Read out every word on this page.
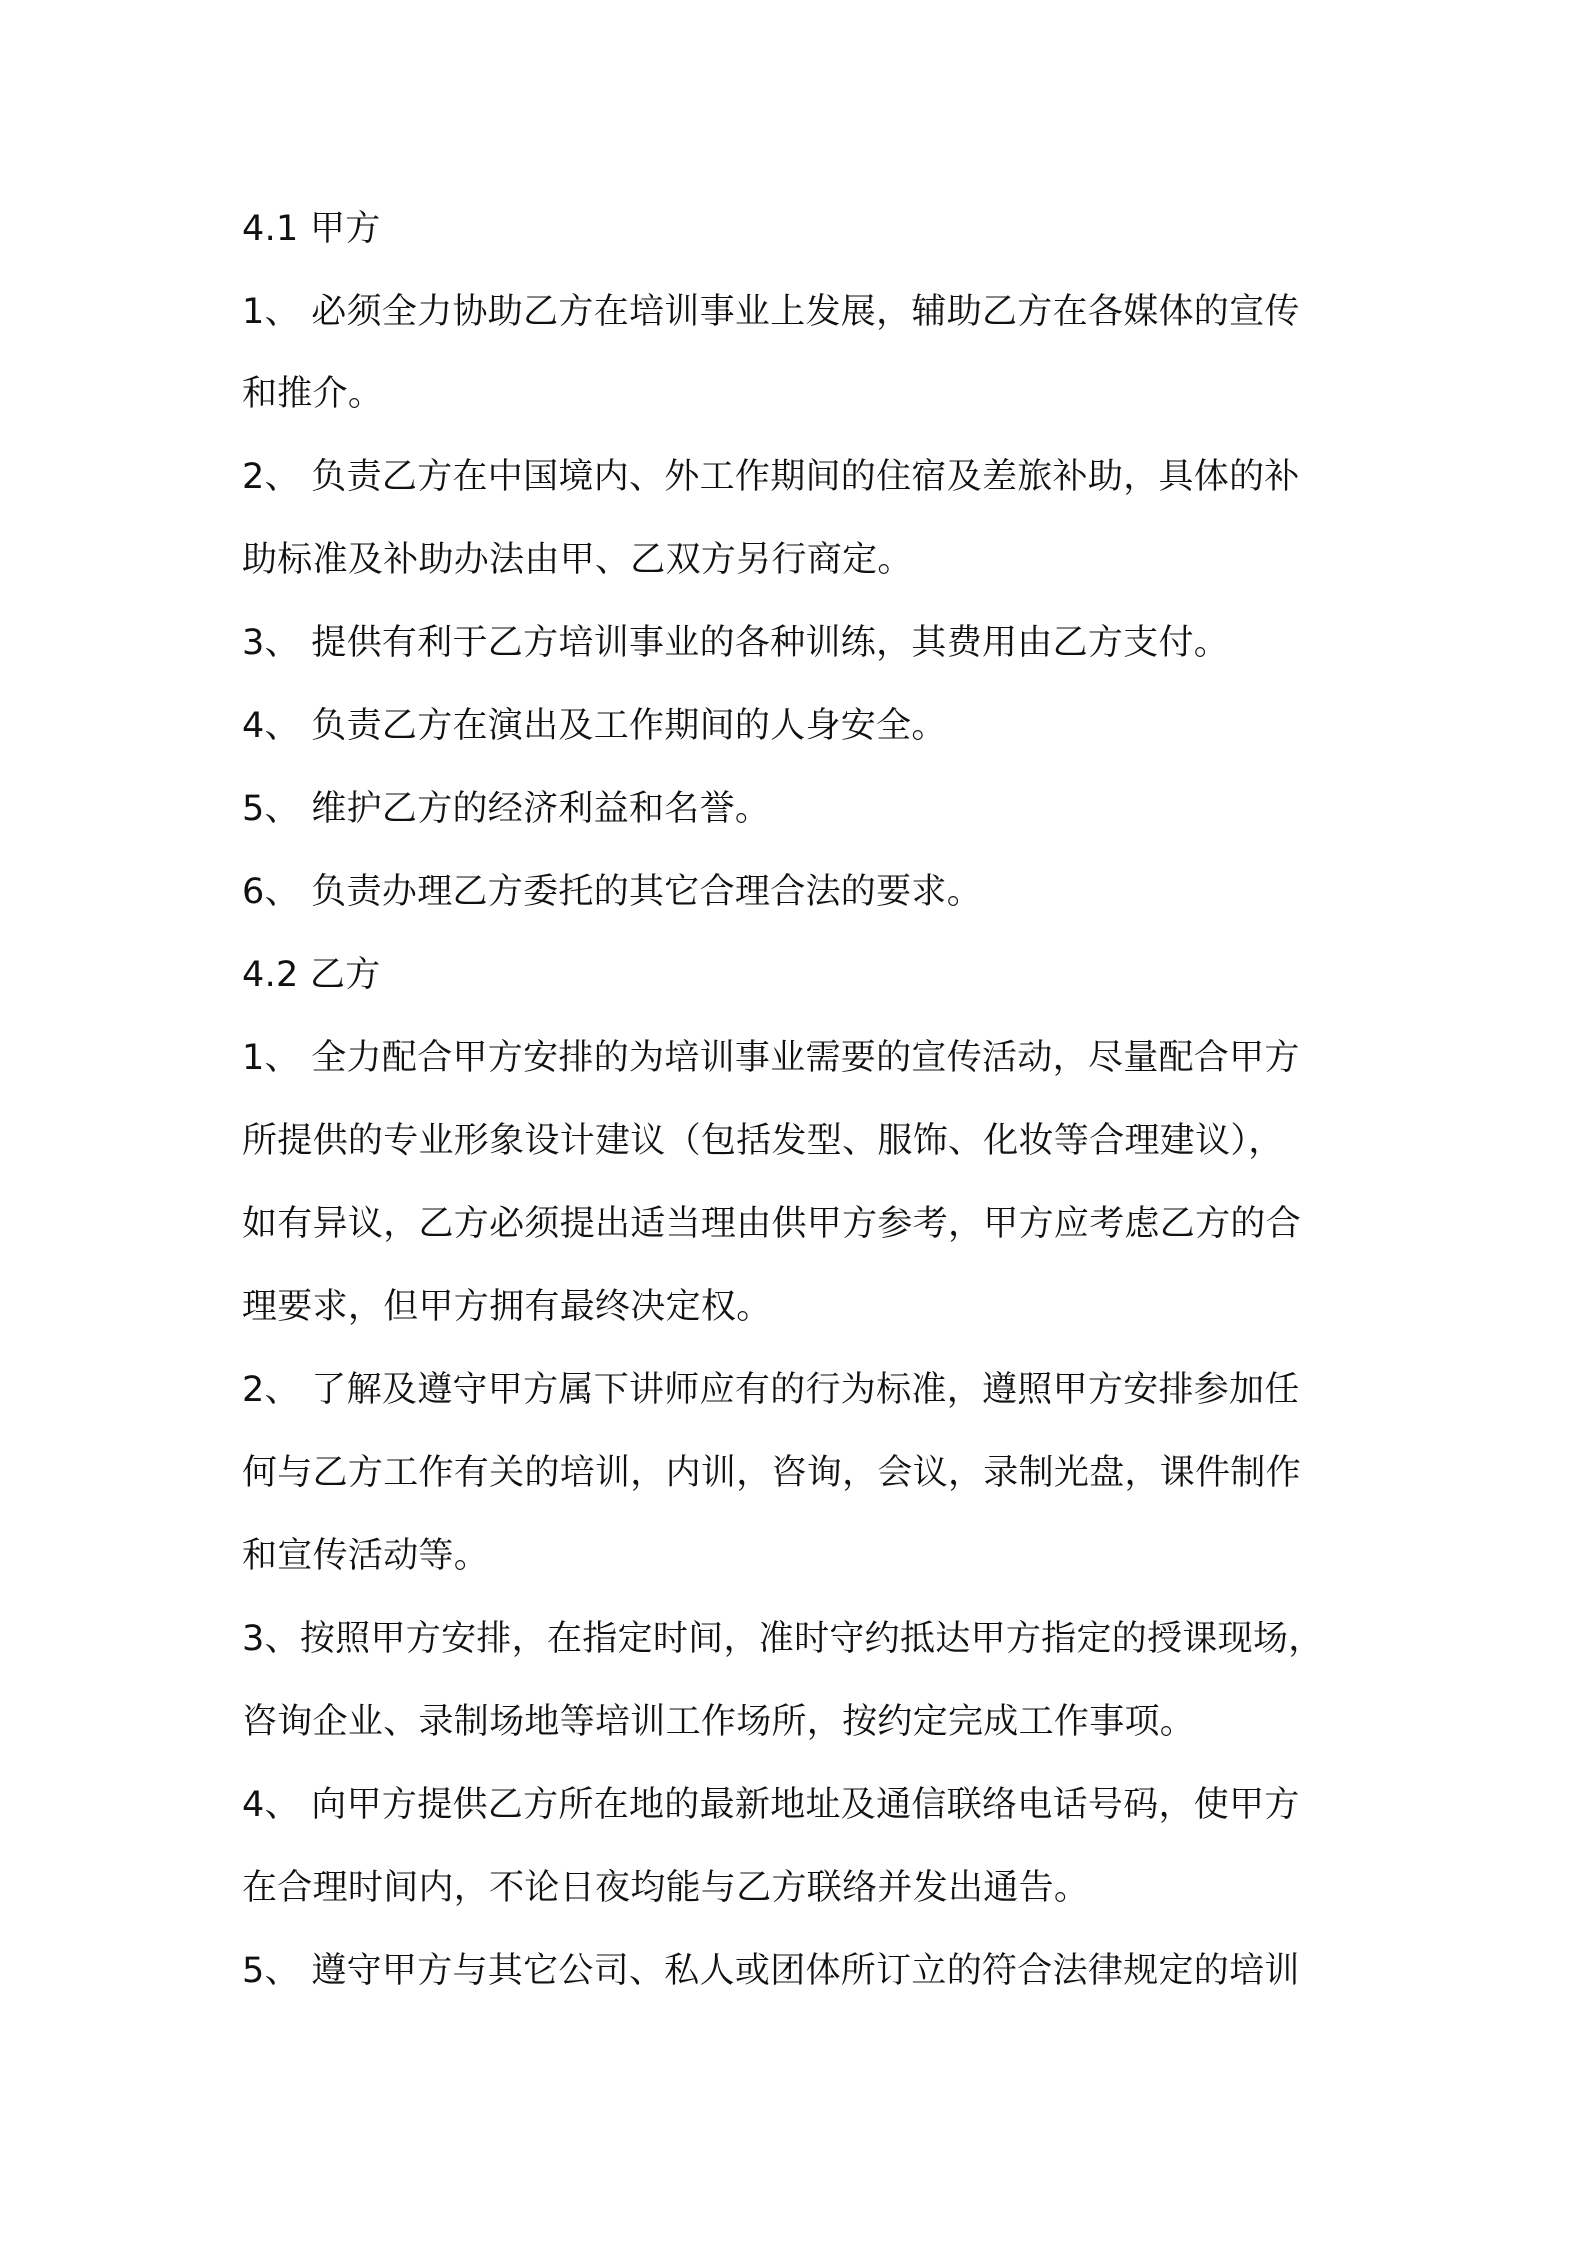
4.1 甲方

1、 必须全力协助乙方在培训事业上发展，辅助乙方在各媒体的宣传

和推介。

2、 负责乙方在中国境内、外工作期间的住宿及差旅补助，具体的补

助标准及补助办法由甲、乙双方另行商定。

3、 提供有利于乙方培训事业的各种训练，其费用由乙方支付。

4、 负责乙方在演出及工作期间的人身安全。

5、 维护乙方的经济利益和名誉。

6、 负责办理乙方委托的其它合理合法的要求。

4.2 乙方

1、 全力配合甲方安排的为培训事业需要的宣传活动，尽量配合甲方

所提供的专业形象设计建议（包括发型、服饰、化妆等合理建议），

如有异议，乙方必须提出适当理由供甲方参考，甲方应考虑乙方的合

理要求，但甲方拥有最终决定权。

2、 了解及遵守甲方属下讲师应有的行为标准，遵照甲方安排参加任

何与乙方工作有关的培训，内训，咨询，会议，录制光盘，课件制作

和宣传活动等。

3、按照甲方安排，在指定时间，准时守约抵达甲方指定的授课现场，

咨询企业、录制场地等培训工作场所，按约定完成工作事项。

4、 向甲方提供乙方所在地的最新地址及通信联络电话号码，使甲方

在合理时间内，不论日夜均能与乙方联络并发出通告。

5、 遵守甲方与其它公司、私人或团体所订立的符合法律规定的培训
